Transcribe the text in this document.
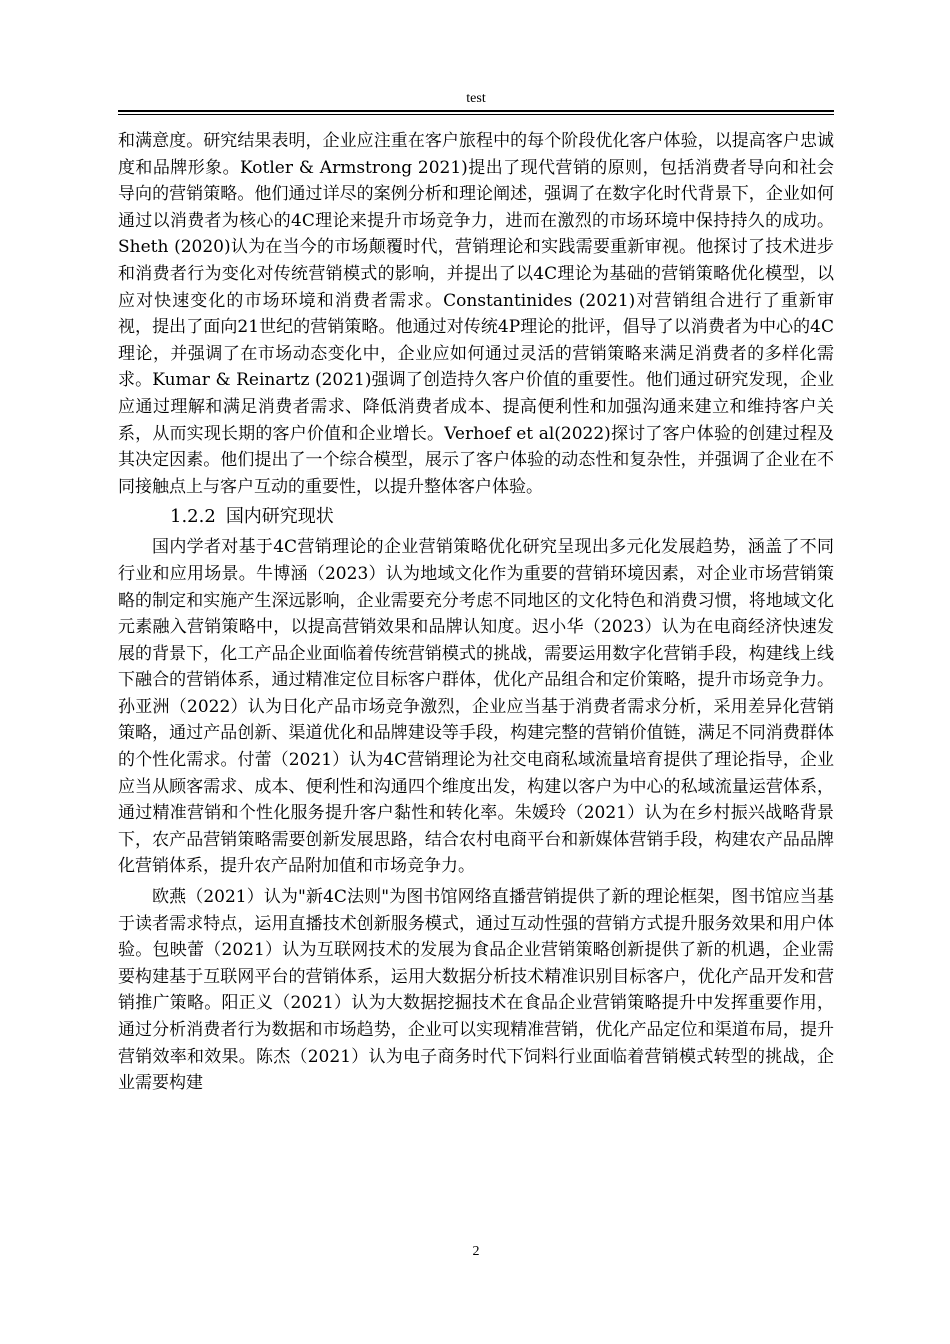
test

和满意度。研究结果表明，企业应注重在客户旅程中的每个阶段优化客户体验，以提高客户忠诚度和品牌形象。Kotler & Armstrong 2021)提出了现代营销的原则，包括消费者导向和社会导向的营销策略。他们通过详尽的案例分析和理论阐述，强调了在数字化时代背景下，企业如何通过以消费者为核心的4C理论来提升市场竞争力，进而在激烈的市场环境中保持持久的成功。Sheth (2020)认为在当今的市场颠覆时代，营销理论和实践需要重新审视。他探讨了技术进步和消费者行为变化对传统营销模式的影响，并提出了以4C理论为基础的营销策略优化模型，以应对快速变化的市场环境和消费者需求。Constantinides (2021)对营销组合进行了重新审视，提出了面向21世纪的营销策略。他通过对传统4P理论的批评，倡导了以消费者为中心的4C理论，并强调了在市场动态变化中，企业应如何通过灵活的营销策略来满足消费者的多样化需求。Kumar & Reinartz (2021)强调了创造持久客户价值的重要性。他们通过研究发现，企业应通过理解和满足消费者需求、降低消费者成本、提高便利性和加强沟通来建立和维持客户关系，从而实现长期的客户价值和企业增长。Verhoef et al(2022)探讨了客户体验的创建过程及其决定因素。他们提出了一个综合模型，展示了客户体验的动态性和复杂性，并强调了企业在不同接触点上与客户互动的重要性，以提升整体客户体验。

1.2.2 国内研究现状

国内学者对基于4C营销理论的企业营销策略优化研究呈现出多元化发展趋势，涵盖了不同行业和应用场景。牛博涵（2023）认为地域文化作为重要的营销环境因素，对企业市场营销策略的制定和实施产生深远影响，企业需要充分考虑不同地区的文化特色和消费习惯，将地域文化元素融入营销策略中，以提高营销效果和品牌认知度。迟小华（2023）认为在电商经济快速发展的背景下，化工产品企业面临着传统营销模式的挑战，需要运用数字化营销手段，构建线上线下融合的营销体系，通过精准定位目标客户群体，优化产品组合和定价策略，提升市场竞争力。孙亚洲（2022）认为日化产品市场竞争激烈，企业应当基于消费者需求分析，采用差异化营销策略，通过产品创新、渠道优化和品牌建设等手段，构建完整的营销价值链，满足不同消费群体的个性化需求。付蕾（2021）认为4C营销理论为社交电商私域流量培育提供了理论指导，企业应当从顾客需求、成本、便利性和沟通四个维度出发，构建以客户为中心的私域流量运营体系，通过精准营销和个性化服务提升客户黏性和转化率。朱媛玲（2021）认为在乡村振兴战略背景下，农产品营销策略需要创新发展思路，结合农村电商平台和新媒体营销手段，构建农产品品牌化营销体系，提升农产品附加值和市场竞争力。

欧燕（2021）认为"新4C法则"为图书馆网络直播营销提供了新的理论框架，图书馆应当基于读者需求特点，运用直播技术创新服务模式，通过互动性强的营销方式提升服务效果和用户体验。包映蕾（2021）认为互联网技术的发展为食品企业营销策略创新提供了新的机遇，企业需要构建基于互联网平台的营销体系，运用大数据分析技术精准识别目标客户，优化产品开发和营销推广策略。阳正义（2021）认为大数据挖掘技术在食品企业营销策略提升中发挥重要作用，通过分析消费者行为数据和市场趋势，企业可以实现精准营销，优化产品定位和渠道布局，提升营销效率和效果。陈杰（2021）认为电子商务时代下饲料行业面临着营销模式转型的挑战，企业需要构建

2
